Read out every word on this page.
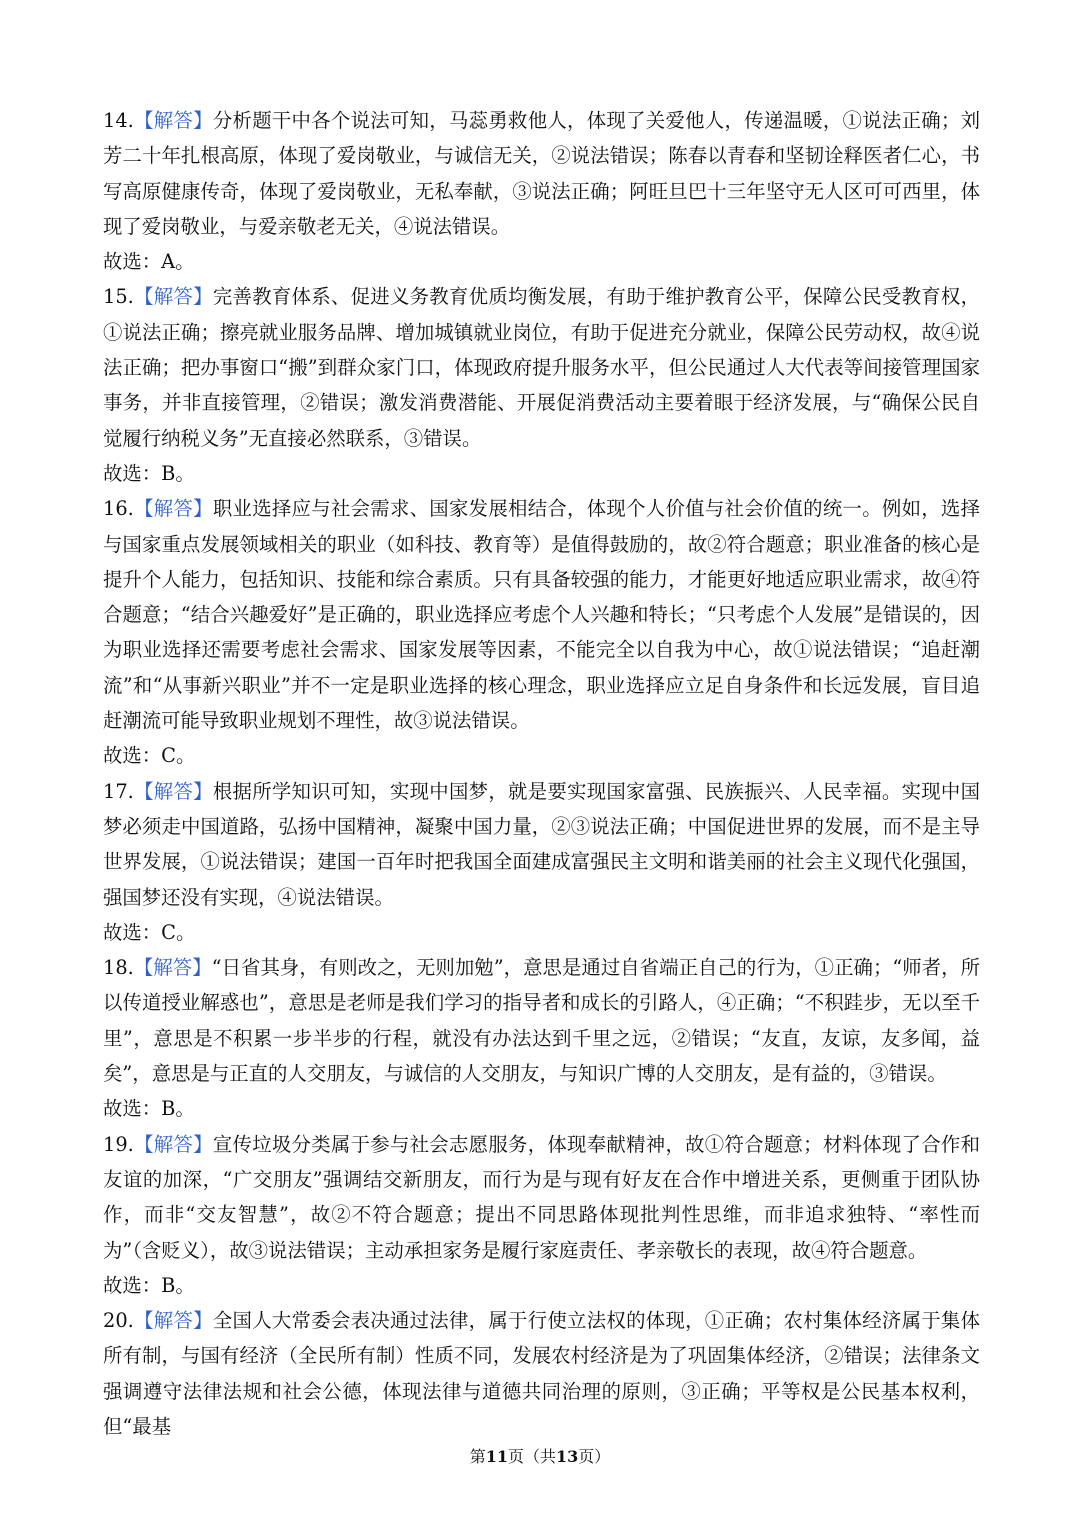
14.【解答】分析题干中各个说法可知，马蕊勇救他人，体现了关爱他人，传递温暖，①说法正确；刘芳二十年扎根高原，体现了爱岗敬业，与诚信无关，②说法错误；陈春以青春和坚韧诠释医者仁心，书写高原健康传奇，体现了爱岗敬业，无私奉献，③说法正确；阿旺旦巴十三年坚守无人区可可西里，体现了爱岗敬业，与爱亲敬老无关，④说法错误。

故选：A。

15.【解答】完善教育体系、促进义务教育优质均衡发展，有助于维护教育公平，保障公民受教育权，①说法正确；擦亮就业服务品牌、增加城镇就业岗位，有助于促进充分就业，保障公民劳动权，故④说法正确；把办事窗口“搬”到群众家门口，体现政府提升服务水平，但公民通过人大代表等间接管理国家事务，并非直接管理，②错误；激发消费潜能、开展促消费活动主要着眼于经济发展，与“确保公民自觉履行纳税义务”无直接必然联系，③错误。

故选：B。

16.【解答】职业选择应与社会需求、国家发展相结合，体现个人价值与社会价值的统一。例如，选择与国家重点发展领域相关的职业（如科技、教育等）是值得鼓励的，故②符合题意；职业准备的核心是提升个人能力，包括知识、技能和综合素质。只有具备较强的能力，才能更好地适应职业需求，故④符合题意；“结合兴趣爱好”是正确的，职业选择应考虑个人兴趣和特长；“只考虑个人发展”是错误的，因为职业选择还需要考虑社会需求、国家发展等因素，不能完全以自我为中心，故①说法错误；“追赶潮流”和“从事新兴职业”并不一定是职业选择的核心理念，职业选择应立足自身条件和长远发展，盲目追赶潮流可能导致职业规划不理性，故③说法错误。

故选：C。

17.【解答】根据所学知识可知，实现中国梦，就是要实现国家富强、民族振兴、人民幸福。实现中国梦必须走中国道路，弘扬中国精神，凝聚中国力量，②③说法正确；中国促进世界的发展，而不是主导世界发展，①说法错误；建国一百年时把我国全面建成富强民主文明和谐美丽的社会主义现代化强国，强国梦还没有实现，④说法错误。

故选：C。

18.【解答】“日省其身，有则改之，无则加勉”，意思是通过自省端正自己的行为，①正确；“师者，所以传道授业解惑也”，意思是老师是我们学习的指导者和成长的引路人，④正确；“不积跬步，无以至千里”，意思是不积累一步半步的行程，就没有办法达到千里之远，②错误；“友直，友谅，友多闻，益矣”，意思是与正直的人交朋友，与诚信的人交朋友，与知识广博的人交朋友，是有益的，③错误。

故选：B。

19.【解答】宣传垃圾分类属于参与社会志愿服务，体现奉献精神，故①符合题意；材料体现了合作和友谊的加深，“广交朋友”强调结交新朋友，而行为是与现有好友在合作中增进关系，更侧重于团队协作，而非“交友智慧”，故②不符合题意；提出不同思路体现批判性思维，而非追求独特、“率性而为”（含贬义），故③说法错误；主动承担家务是履行家庭责任、孝亲敬长的表现，故④符合题意。

故选：B。

20.【解答】全国人大常委会表决通过法律，属于行使立法权的体现，①正确；农村集体经济属于集体所有制，与国有经济（全民所有制）性质不同，发展农村经济是为了巩固集体经济，②错误；法律条文强调遵守法律法规和社会公德，体现法律与道德共同治理的原则，③正确；平等权是公民基本权利，但“最基

第11页（共13页）
